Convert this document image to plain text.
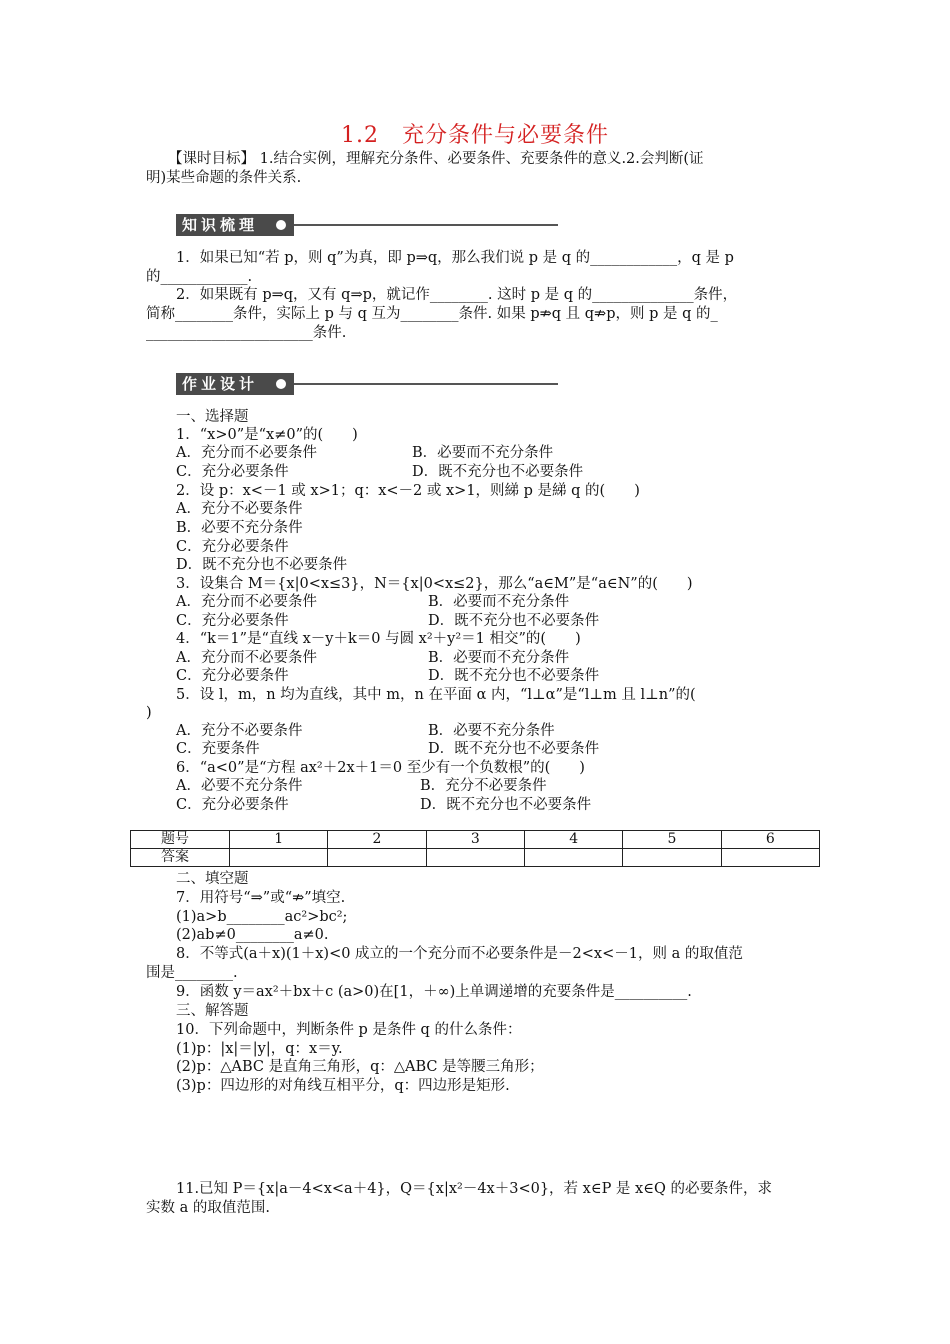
1.2　充分条件与必要条件
【课时目标】 1.结合实例，理解充分条件、必要条件、充要条件的意义.2.会判断(证
明)某些命题的条件关系.
知识梳理
1．如果已知“若 p，则 q”为真，即 p⇒q，那么我们说 p 是 q 的____________，q 是 p
的____________.
2．如果既有 p⇒q，又有 q⇒p，就记作________. 这时 p 是 q 的______________条件，
简称________条件，实际上 p 与 q 互为________条件. 如果 p⇏q 且 q⇏p，则 p 是 q 的_
_______________________条件.
作业设计
一、选择题
1．“x>0”是“x≠0”的(　　)
A．充分而不必要条件	B．必要而不充分条件
C．充分必要条件	D．既不充分也不必要条件
2．设 p：x<－1 或 x>1；q：x<－2 或 x>1，则綈 p 是綈 q 的(　　)
A．充分不必要条件
B．必要不充分条件
C．充分必要条件
D．既不充分也不必要条件
3．设集合 M＝{x|0<x≤3}，N＝{x|0<x≤2}，那么“a∈M”是“a∈N”的(　　)
A．充分而不必要条件	B．必要而不充分条件
C．充分必要条件	D．既不充分也不必要条件
4．“k＝1”是“直线 x－y＋k＝0 与圆 x²＋y²＝1 相交”的(　　)
A．充分而不必要条件	B．必要而不充分条件
C．充分必要条件	D．既不充分也不必要条件
5．设 l，m，n 均为直线，其中 m，n 在平面 α 内，“l⊥α”是“l⊥m 且 l⊥n”的(
)
A．充分不必要条件	B．必要不充分条件
C．充要条件	D．既不充分也不必要条件
6．“a<0”是“方程 ax²＋2x＋1＝0 至少有一个负数根”的(　　)
A．必要不充分条件	B．充分不必要条件
C．充分必要条件	D．既不充分也不必要条件
题号	1	2	3	4	5	6
答案						
二、填空题
7．用符号“⇒”或“⇏”填空.
(1)a>b________ac²>bc²;
(2)ab≠0________a≠0.
8．不等式(a＋x)(1＋x)<0 成立的一个充分而不必要条件是－2<x<－1，则 a 的取值范
围是________.
9．函数 y＝ax²＋bx＋c (a>0)在[1，＋∞)上单调递增的充要条件是__________.
三、解答题
10．下列命题中，判断条件 p 是条件 q 的什么条件：
(1)p：|x|＝|y|，q：x＝y.
(2)p：△ABC 是直角三角形，q：△ABC 是等腰三角形；
(3)p：四边形的对角线互相平分，q：四边形是矩形.
11.已知 P＝{x|a－4<x<a＋4}，Q＝{x|x²－4x＋3<0}，若 x∈P 是 x∈Q 的必要条件，求
实数 a 的取值范围.
